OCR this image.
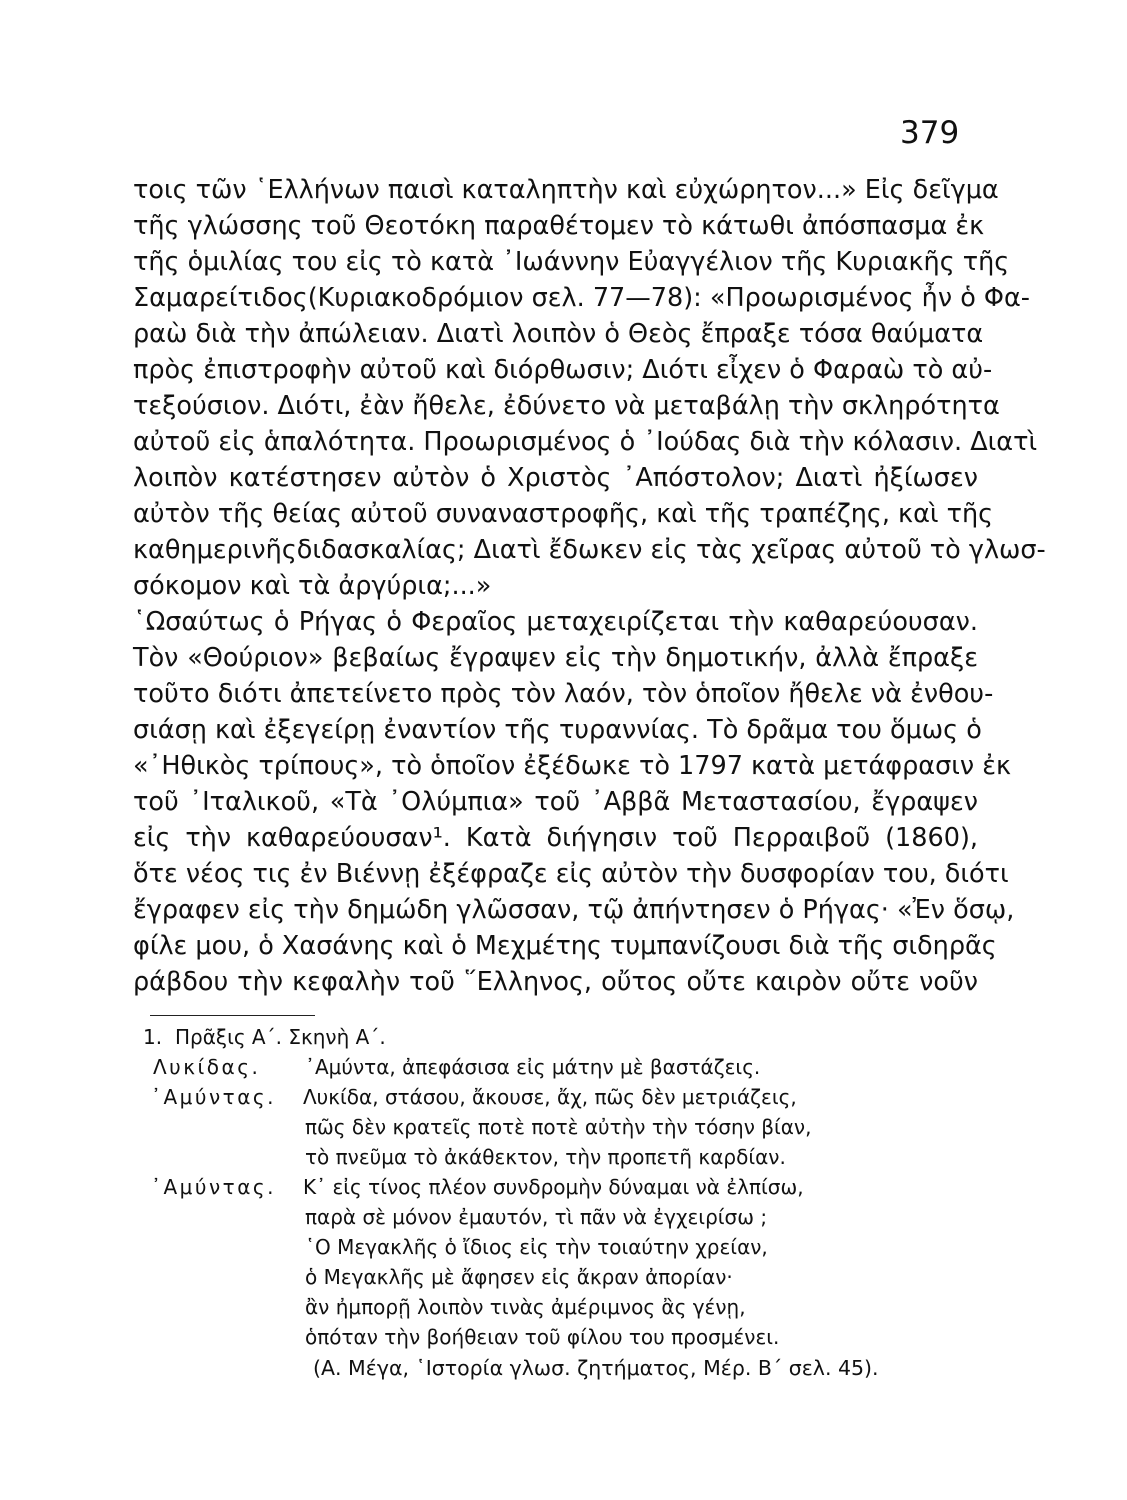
379
τοις τῶν ῾Ελλήνων παισὶ καταληπτὴν καὶ εὐχώρητον...» Εἰς δεῖγμα
τῆς γλώσσης τοῦ Θεοτόκη παραθέτομεν τὸ κάτωθι ἀπόσπασμα ἐκ
τῆς ὁμιλίας του εἰς τὸ κατὰ ᾿Ιωάννην Εὐαγγέλιον τῆς Κυριακῆς τῆς
Σαμαρείτιδος(Κυριακοδρόμιον σελ. 77—78): «Προωρισμένος ἦν ὁ Φα-
ραὼ διὰ τὴν ἀπώλειαν. Διατὶ λοιπὸν ὁ Θεὸς ἔπραξε τόσα θαύματα
πρὸς ἐπιστροφὴν αὐτοῦ καὶ διόρθωσιν; Διότι εἶχεν ὁ Φαραὼ τὸ αὐ-
τεξούσιον. Διότι, ἐὰν ἤθελε, ἐδύνετο νὰ μεταβάλῃ τὴν σκληρότητα
αὐτοῦ εἰς ἁπαλότητα. Προωρισμένος ὁ ᾿Ιούδας διὰ τὴν κόλασιν. Διατὶ
λοιπὸν κατέστησεν αὐτὸν ὁ Χριστὸς ᾿Απόστολον; Διατὶ ἠξίωσεν
αὐτὸν τῆς θείας αὐτοῦ συναναστροφῆς, καὶ τῆς τραπέζης, καὶ τῆς
καθημερινῆςδιδασκαλίας; Διατὶ ἔδωκεν εἰς τὰς χεῖρας αὐτοῦ τὸ γλωσ-
σόκομον καὶ τὰ ἀργύρια;...»
῾Ωσαύτως ὁ Ρήγας ὁ Φεραῖος μεταχειρίζεται τὴν καθαρεύουσαν.
Τὸν «Θούριον» βεβαίως ἔγραψεν εἰς τὴν δημοτικήν, ἀλλὰ ἔπραξε
τοῦτο διότι ἀπετείνετο πρὸς τὸν λαόν, τὸν ὁποῖον ἤθελε νὰ ἐνθου-
σιάσῃ καὶ ἐξεγείρῃ ἐναντίον τῆς τυραννίας. Τὸ δρᾶμα του ὅμως ὁ
«᾿Ηθικὸς τρίπους», τὸ ὁποῖον ἐξέδωκε τὸ 1797 κατὰ μετάφρασιν ἐκ
τοῦ ᾿Ιταλικοῦ, «Τὰ ᾿Ολύμπια» τοῦ ᾿Αββᾶ Μεταστασίου, ἔγραψεν
εἰς τὴν καθαρεύουσαν¹. Κατὰ διήγησιν τοῦ Περραιβοῦ (1860),
ὅτε νέος τις ἐν Βιέννῃ ἐξέφραζε εἰς αὐτὸν τὴν δυσφορίαν του, διότι
ἔγραφεν εἰς τὴν δημώδη γλῶσσαν, τῷ ἀπήντησεν ὁ Ρήγας· «Ἐν ὅσῳ,
φίλε μου, ὁ Χασάνης καὶ ὁ Μεχμέτης τυμπανίζουσι διὰ τῆς σιδηρᾶς
ράβδου τὴν κεφαλὴν τοῦ ῞Ελληνος, οὔτος οὔτε καιρὸν οὔτε νοῦν
1. Πρᾶξις Α΄. Σκηνὴ Α΄.
Λυκίδας.	᾿Αμύντα, ἀπεφάσισα εἰς μάτην μὲ βαστάζεις.
᾿Αμύντας.	Λυκίδα, στάσου, ἄκουσε, ἄχ, πῶς δὲν μετριάζεις,
πῶς δὲν κρατεῖς ποτὲ ποτὲ αὐτὴν τὴν τόσην βίαν,
τὸ πνεῦμα τὸ ἀκάθεκτον, τὴν προπετῆ καρδίαν.
᾿Αμύντας.	Κ᾿ εἰς τίνος πλέον συνδρομὴν δύναμαι νὰ ἐλπίσω,
παρὰ σὲ μόνον ἐμαυτόν, τὶ πᾶν νὰ ἐγχειρίσω ;
῾Ο Μεγακλῆς ὁ ἴδιος εἰς τὴν τοιαύτην χρείαν,
ὁ Μεγακλῆς μὲ ἄφησεν εἰς ἄκραν ἀπορίαν·
ἂν ἠμπορῇ λοιπὸν τινὰς ἀμέριμνος ἂς γένῃ,
ὁπόταν τὴν βοήθειαν τοῦ φίλου του προσμένει.
(Α. Μέγα, ῾Ιστορία γλωσ. ζητήματος, Μέρ. Β΄ σελ. 45).
